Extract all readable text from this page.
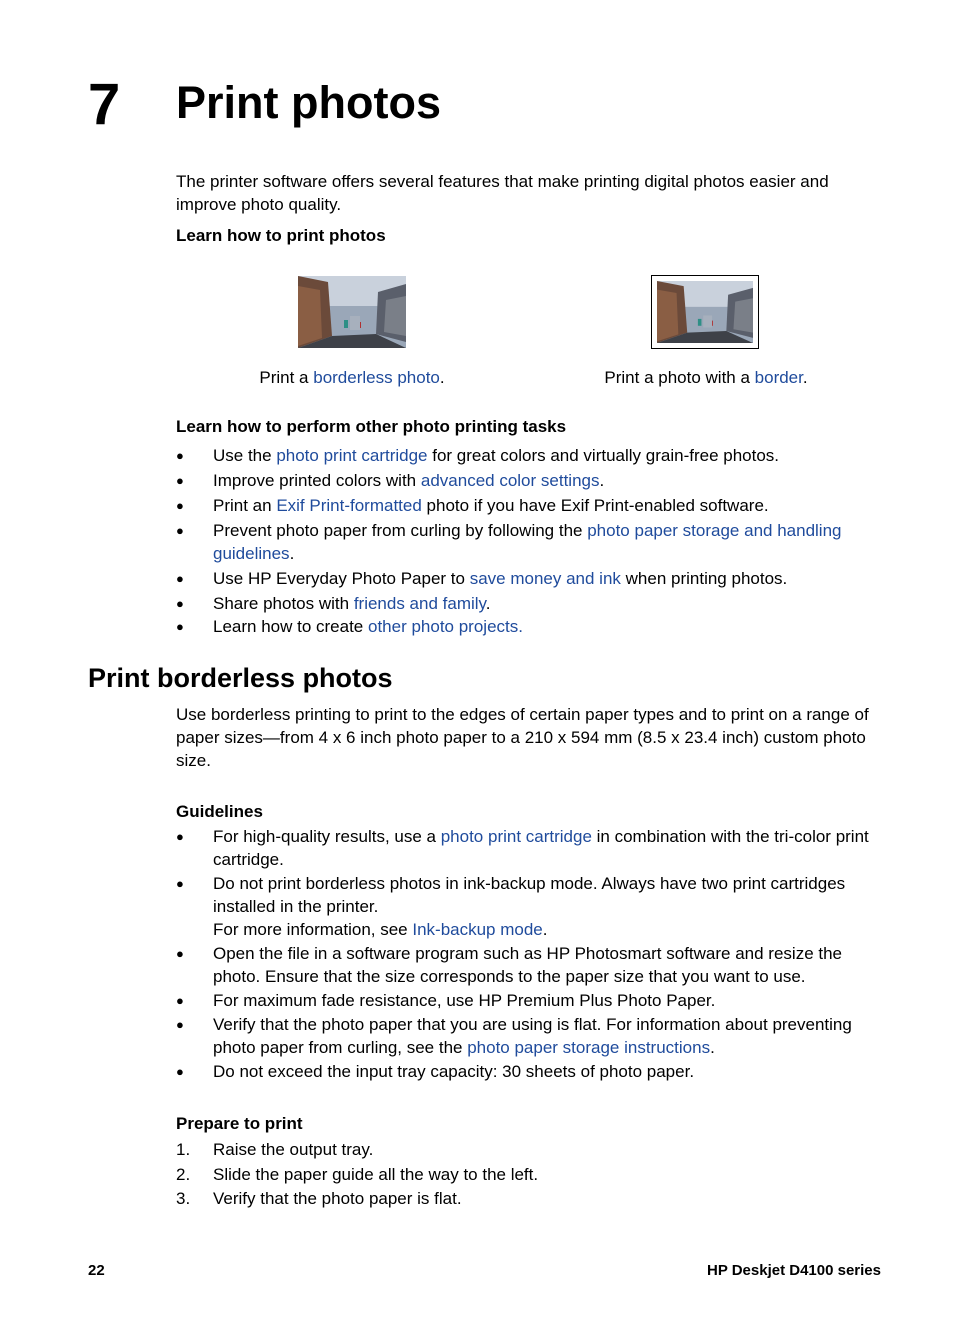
7 Print photos
The printer software offers several features that make printing digital photos easier and improve photo quality.
Learn how to print photos
Print a borderless photo.	Print a photo with a border.
Learn how to perform other photo printing tasks
● Use the photo print cartridge for great colors and virtually grain-free photos.
● Improve printed colors with advanced color settings.
● Print an Exif Print-formatted photo if you have Exif Print-enabled software.
● Prevent photo paper from curling by following the photo paper storage and handling guidelines.
● Use HP Everyday Photo Paper to save money and ink when printing photos.
● Share photos with friends and family.
● Learn how to create other photo projects.
Print borderless photos
Use borderless printing to print to the edges of certain paper types and to print on a range of paper sizes—from 4 x 6 inch photo paper to a 210 x 594 mm (8.5 x 23.4 inch) custom photo size.
Guidelines
● For high-quality results, use a photo print cartridge in combination with the tri-color print cartridge.
● Do not print borderless photos in ink-backup mode. Always have two print cartridges installed in the printer.
For more information, see Ink-backup mode.
● Open the file in a software program such as HP Photosmart software and resize the photo. Ensure that the size corresponds to the paper size that you want to use.
● For maximum fade resistance, use HP Premium Plus Photo Paper.
● Verify that the photo paper that you are using is flat. For information about preventing photo paper from curling, see the photo paper storage instructions.
● Do not exceed the input tray capacity: 30 sheets of photo paper.
Prepare to print
1. Raise the output tray.
2. Slide the paper guide all the way to the left.
3. Verify that the photo paper is flat.
22	HP Deskjet D4100 series
